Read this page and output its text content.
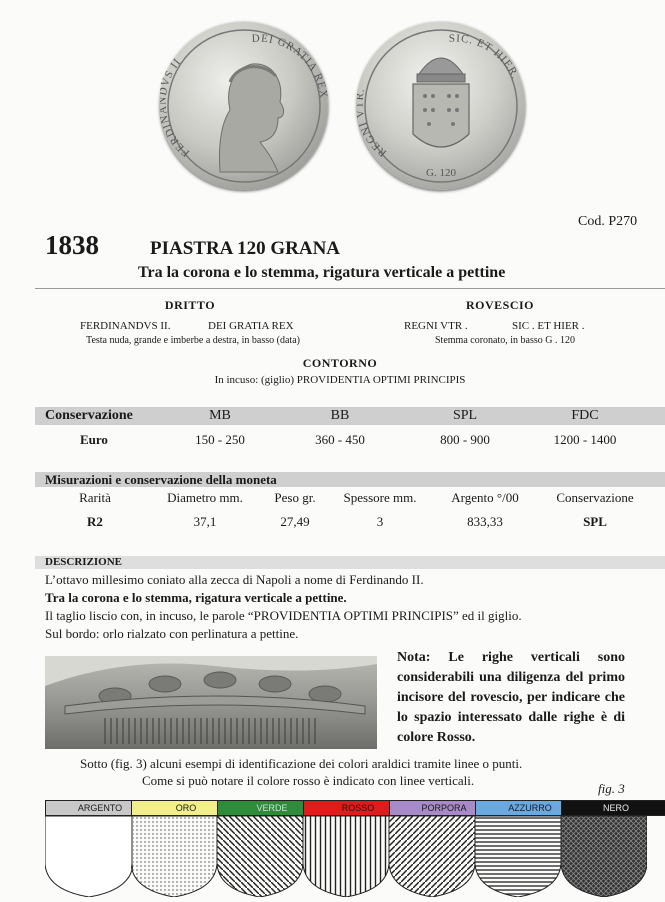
FERDI VS II
DEI GRATIA RE
REGNI
SIC. ET HIER.
G. 120
Cod. P270
1838	PIASTRA 120 GRANA
Tra la corona e lo stemma, rigatura verticale a pettine
DRITTO
FERDINANDVS II.	DEI GRATIA REX
Testa nuda, grande e imberbe a destra, in basso (data)
ROVESCIO
REGNI VTR .	SIC . ET HIER .
Stemma coronato, in basso G . 120
CONTORNO
In incuso: (giglio) PROVIDENTIA OPTIMI PRINCIPIS
Conservazione	MB	BB	SPL	FDC
Euro	150 - 250	360 - 450	800 - 900	1200 - 1400
Misurazioni e conservazione della moneta
Rarità	Diametro mm.	Peso gr.	Spessore mm.	Argento °/00	Conservazione
R2	37,1	27,49	3	833,33	SPL
DESCRIZIONE

L’ottavo millesimo coniato alla zecca di Napoli a nome di Ferdinando II.

Tra la corona e lo stemma, rigatura verticale a pettine.

Il taglio liscio con, in incuso, le parole “PROVIDENTIA OPTIMI PRINCIPIS” ed il giglio.

Sul bordo: orlo rialzato con perlinatura a pettine.

Nota: Le righe verticali sono considerabili una diligenza del primo incisore del rovescio, per indicare che lo spazio interessato dalle righe è di colore Rosso.
Sotto (fig. 3) alcuni esempi di identificazione dei colori araldici tramite linee o punti.
Come si può notare il colore rosso è indicato con linee verticali.
fig. 3
ARGENTO	ORO	VERDE	ROSSO	PORPORA	AZZURRO	NERO
